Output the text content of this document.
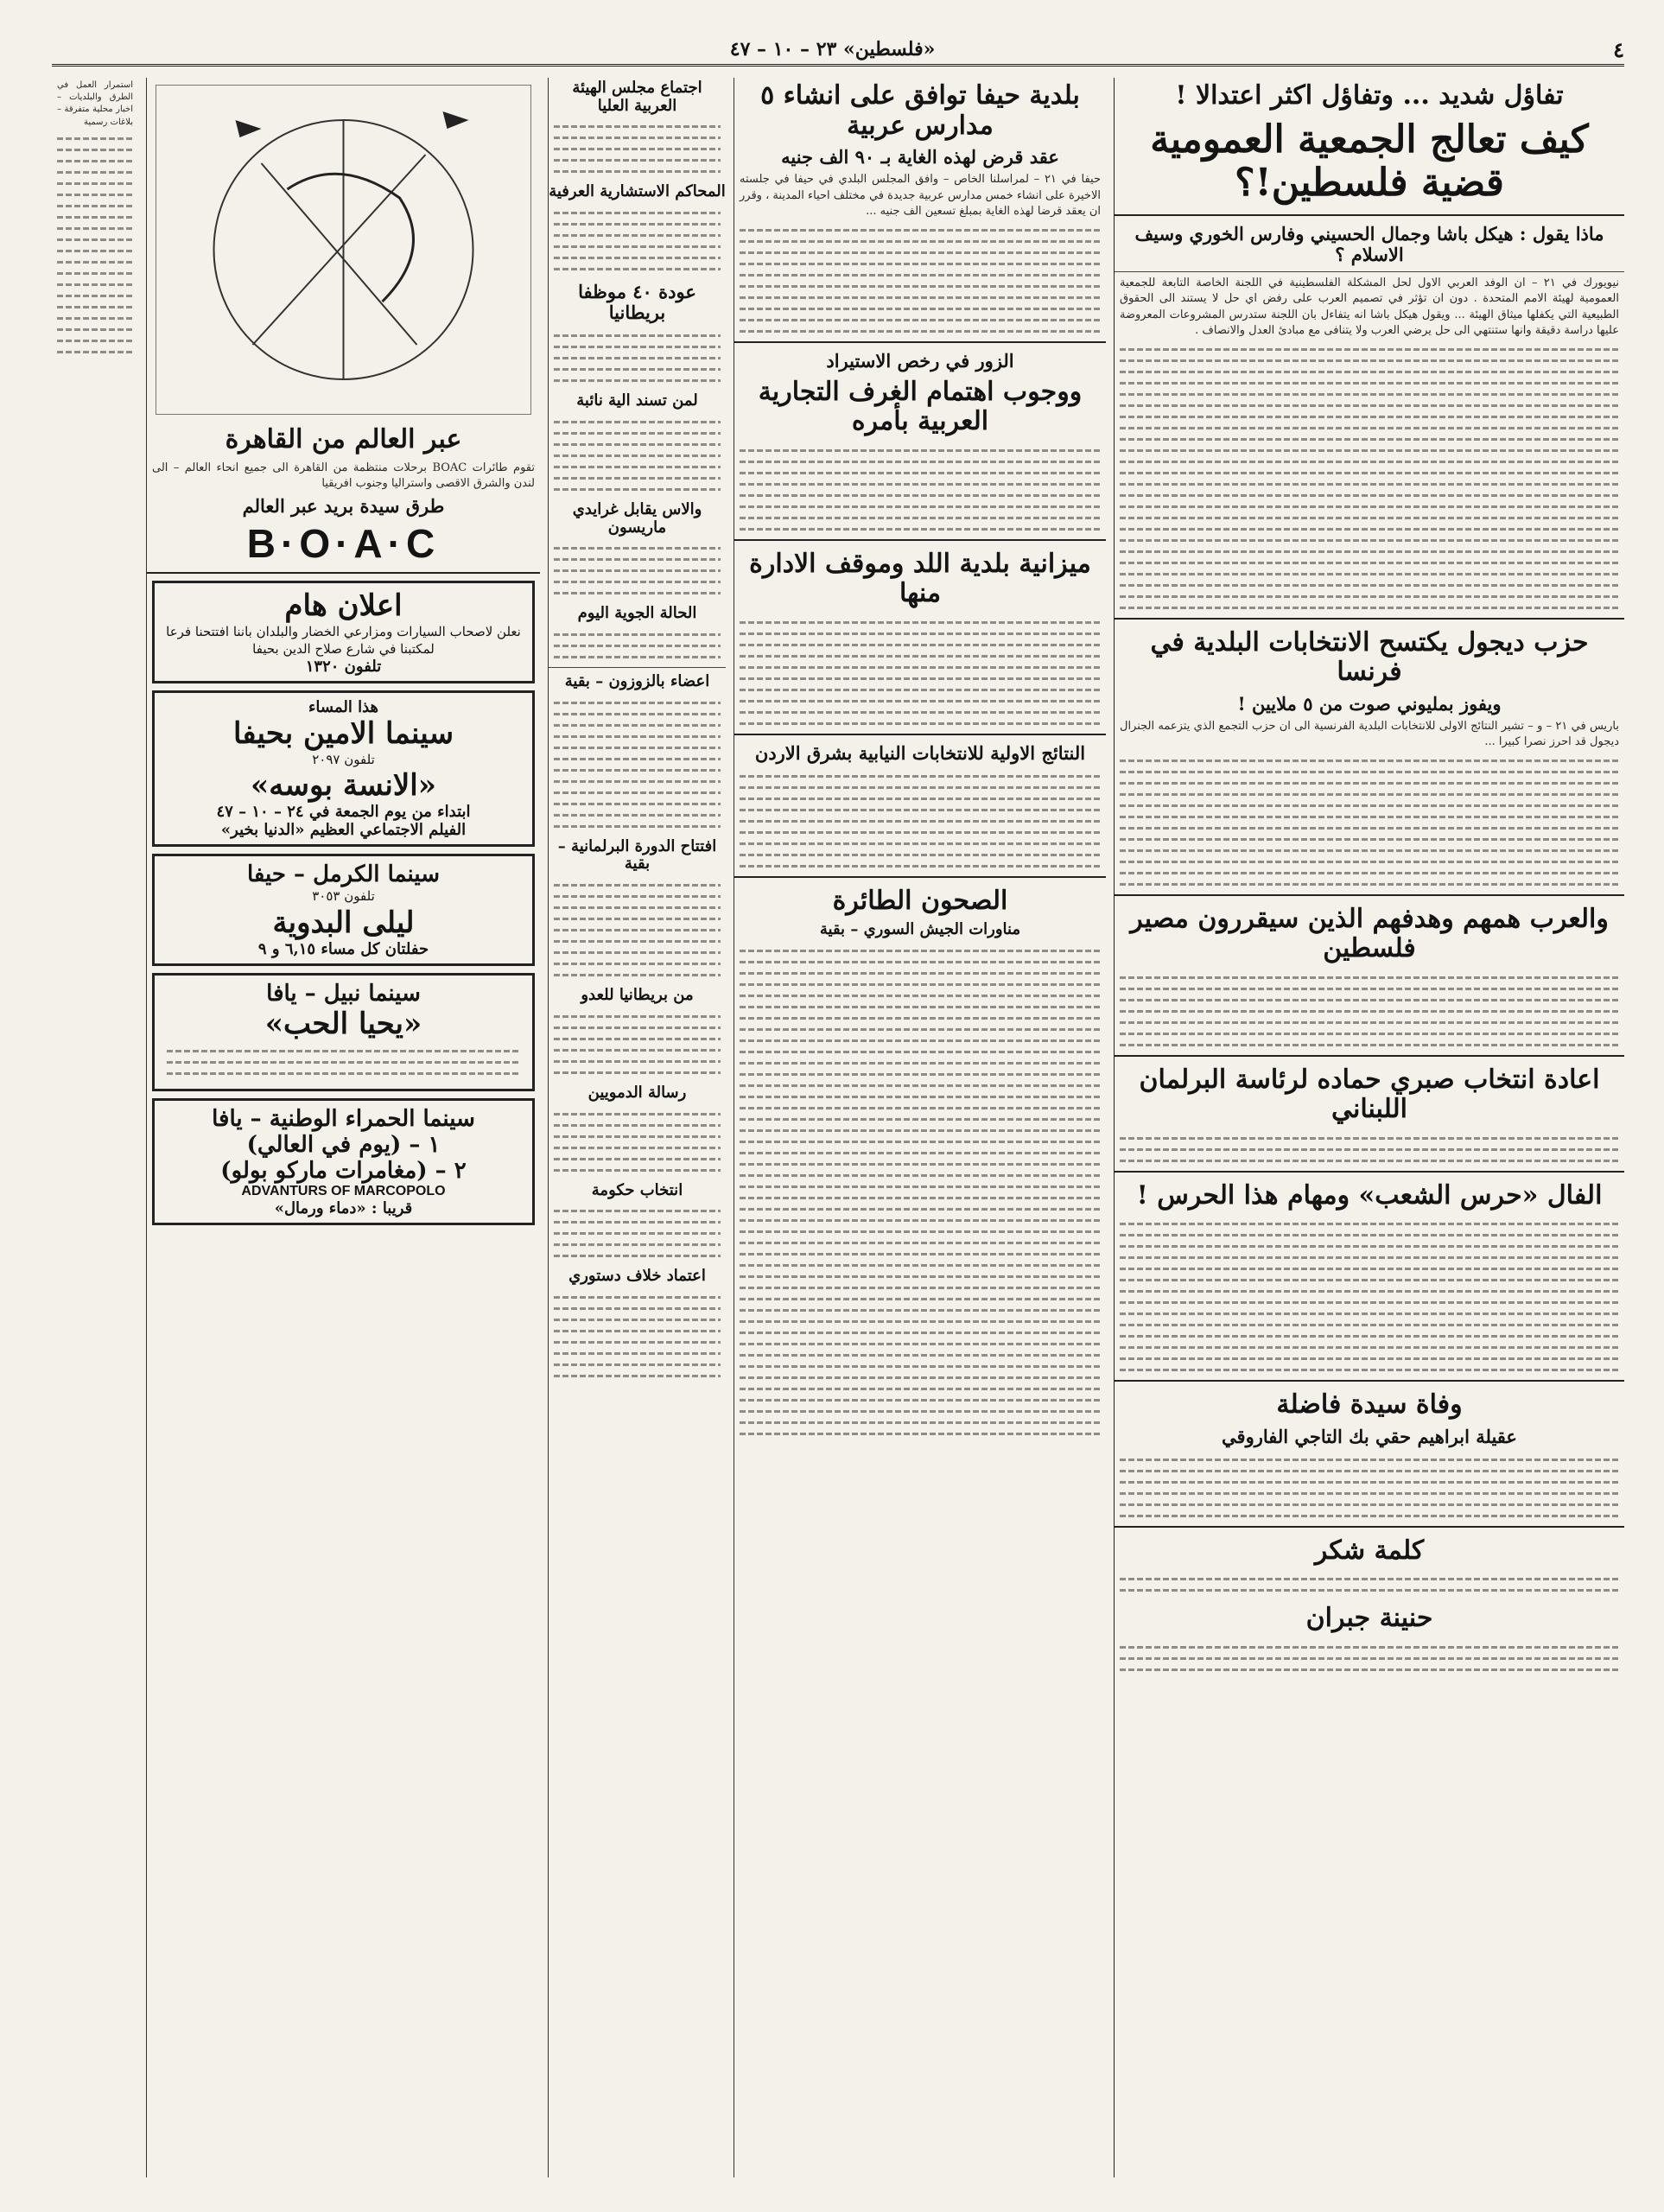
٤
«فلسطين» ٢٣ – ١٠ – ٤٧
تفاؤل شديد ... وتفاؤل اكثر اعتدالا !
كيف تعالج الجمعية العمومية قضية فلسطين!؟
ماذا يقول : هيكل باشا وجمال الحسيني وفارس الخوري وسيف الاسلام ؟

نيويورك في ٢١ – ان الوفد العربي الاول لحل المشكلة الفلسطينية في اللجنة الخاصة التابعة للجمعية العمومية لهيئة الامم المتحدة . دون ان تؤثر في تصميم العرب على رفض اي حل لا يستند الى الحقوق الطبيعية التي يكفلها ميثاق الهيئة ... ويقول هيكل باشا انه يتفاءل بان اللجنة ستدرس المشروعات المعروضة عليها دراسة دقيقة وانها ستنتهي الى حل يرضي العرب ولا يتنافى مع مبادئ العدل والانصاف .

حزب ديجول يكتسح الانتخابات البلدية في فرنسا
ويفوز بمليوني صوت من ٥ ملايين !

باريس في ٢١ – و – تشير النتائج الاولى للانتخابات البلدية الفرنسية الى ان حزب التجمع الذي يتزعمه الجنرال ديجول قد احرز نصرا كبيرا ...

والعرب همهم وهدفهم الذين سيقررون مصير فلسطين
اعادة انتخاب صبري حماده لرئاسة البرلمان اللبناني
الفال «حرس الشعب» ومهام هذا الحرس !
وفاة سيدة فاضلة
عقيلة ابراهيم حقي بك التاجي الفاروقي
كلمة شكر
حنينة جبران
بلدية حيفا توافق على انشاء ٥ مدارس عربية
عقد قرض لهذه الغاية بـ ٩٠ الف جنيه

حيفا في ٢١ – لمراسلنا الخاص – وافق المجلس البلدي في حيفا في جلسته الاخيرة على انشاء خمس مدارس عربية جديدة في مختلف احياء المدينة ، وقرر ان يعقد قرضا لهذه الغاية بمبلغ تسعين الف جنيه ...

الزور في رخص الاستيراد
ووجوب اهتمام الغرف التجارية العربية بأمره
ميزانية بلدية اللد وموقف الادارة منها
النتائج الاولية للانتخابات النيابية بشرق الاردن
الصحون الطائرة
مناورات الجيش السوري – بقية
اجتماع مجلس الهيئة العربية العليا
المحاكم الاستشارية العرفية
عودة ٤٠ موظفا بريطانيا
لمن تسند الية نائبة
والاس يقابل غرايدي ماريسون
الحالة الجوية اليوم
اعضاء بالزوزون – بقية
افتتاح الدورة البرلمانية – بقية
من بريطانيا للعدو
رسالة الدمويين
انتخاب حكومة
اعتماد خلاف دستوري
عبر العالم من القاهرة

تقوم طائرات BOAC برحلات منتظمة من القاهرة الى جميع انحاء العالم – الى لندن والشرق الاقصى واستراليا وجنوب افريقيا

طرق سيدة بريد عبر العالم
B·O·A·C
اعلان هام
نعلن لاصحاب السيارات ومزارعي الخضار والبلدان باننا افتتحنا فرعا لمكتبنا في شارع صلاح الدين بحيفا
تلفون ١٣٢٠
هذا المساء
سينما الامين بحيفا
تلفون ٢٠٩٧
«الانسة بوسه»
ابتداء من يوم الجمعة في ٢٤ – ١٠ – ٤٧
الفيلم الاجتماعي العظيم «الدنيا بخير»
سينما الكرمل – حيفا
تلفون ٣٠٥٣
ليلى البدوية
حفلتان كل مساء ٦,١٥ و ٩
سينما نبيل – يافا
«يحيا الحب»
سينما الحمراء الوطنية – يافا
١ – (يوم في العالي)
٢ – (مغامرات ماركو بولو)
ADVANTURS OF MARCOPOLO
قريبا : «دماء ورمال»

استمرار العمل في الطرق والبلديات – اخبار محلية متفرقة – بلاغات رسمية
